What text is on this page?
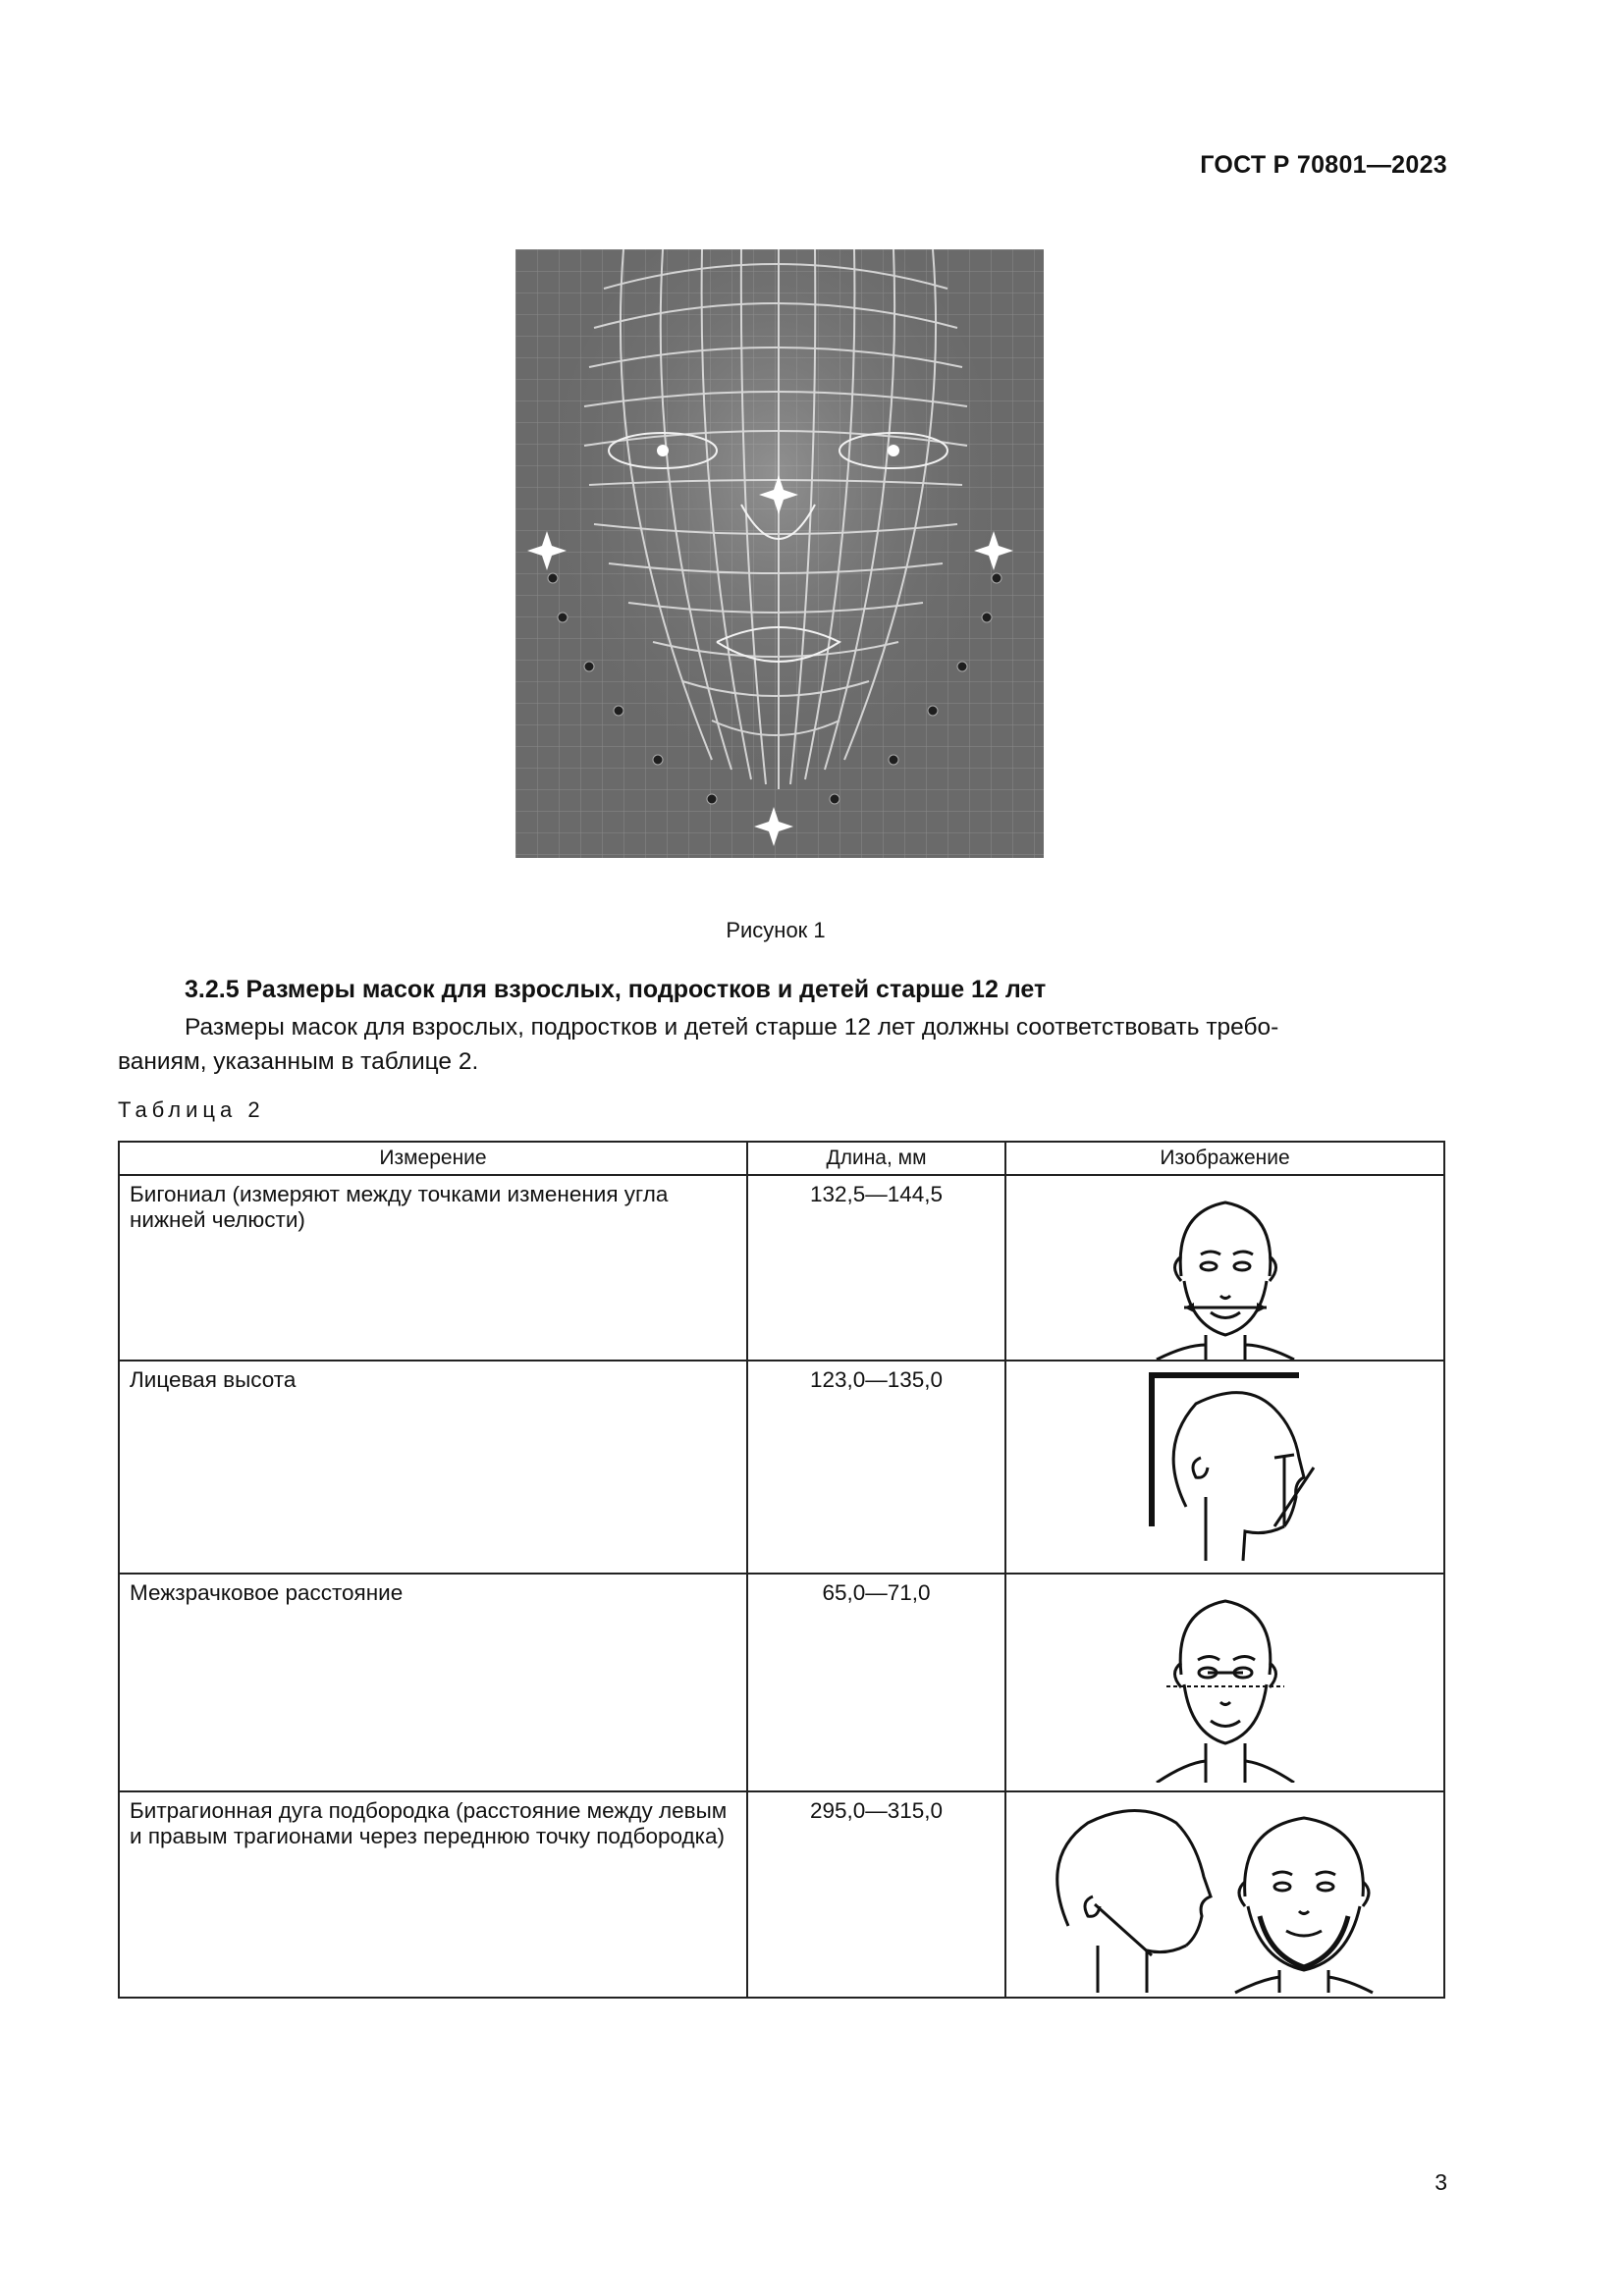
ГОСТ Р 70801—2023
Рисунок 1
3.2.5 Размеры масок для взрослых, подростков и детей старше 12 лет
Размеры масок для взрослых, подростков и детей старше 12 лет должны соответствовать требо-
ваниям, указанным в таблице 2.
Таблица 2
Измерение	Длина, мм	Изображение
Бигониал (измеряют между точками изменения угла нижней челюсти)	132,5—144,5	

Лицевая высота	123,0—135,0	

Межзрачковое расстояние	65,0—71,0	

Битрагионная дуга подбородка (расстояние между левым и правым трагионами через переднюю точку подбородка)	295,0—315,0	
3
